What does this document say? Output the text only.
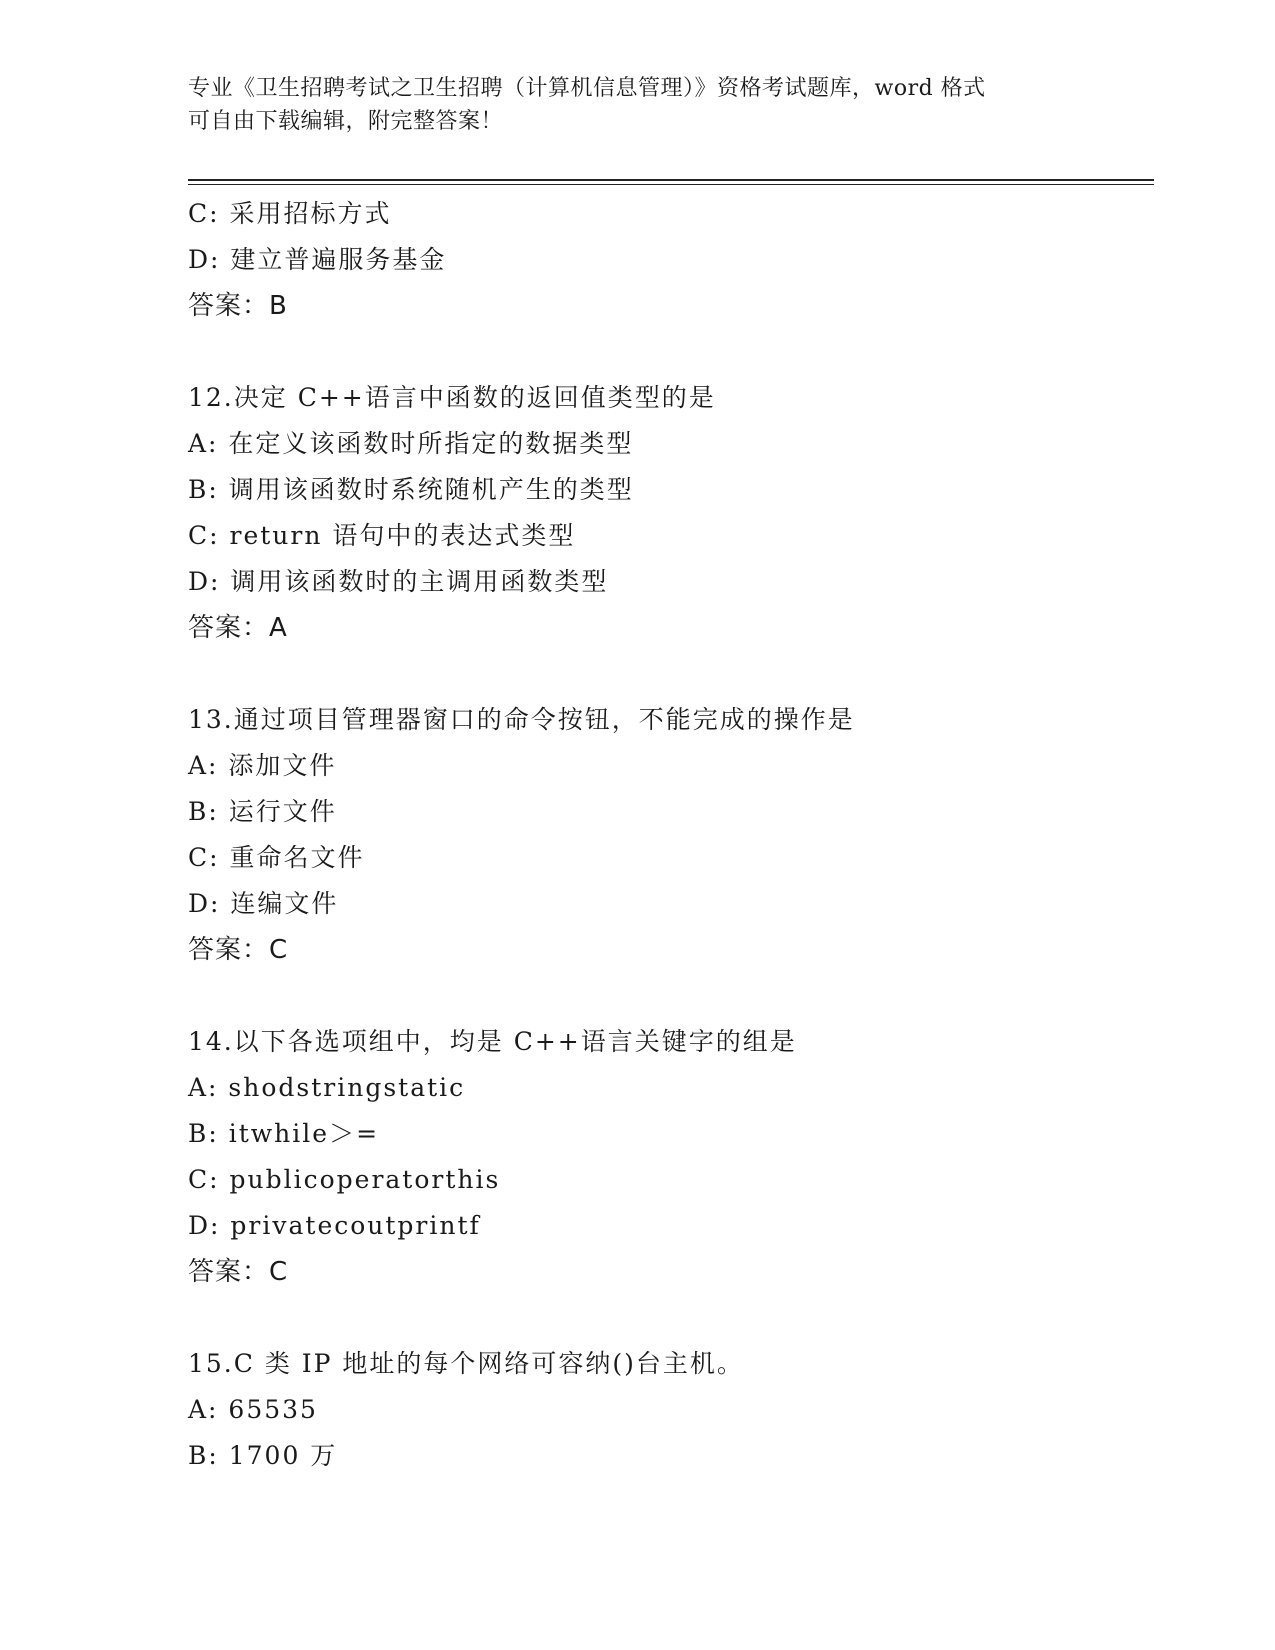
专业《卫生招聘考试之卫生招聘（计算机信息管理）》资格考试题库，word 格式
可自由下载编辑，附完整答案！
C: 采用招标方式
D: 建立普遍服务基金
答案：B
12.决定 C++语言中函数的返回值类型的是
A: 在定义该函数时所指定的数据类型
B: 调用该函数时系统随机产生的类型
C: return 语句中的表达式类型
D: 调用该函数时的主调用函数类型
答案：A
13.通过项目管理器窗口的命令按钮，不能完成的操作是
A: 添加文件
B: 运行文件
C: 重命名文件
D: 连编文件
答案：C
14.以下各选项组中，均是 C++语言关键字的组是
A: shodstringstatic
B: itwhile＞=
C: publicoperatorthis
D: privatecoutprintf
答案：C
15.C 类 IP 地址的每个网络可容纳()台主机。
A: 65535
B: 1700 万
